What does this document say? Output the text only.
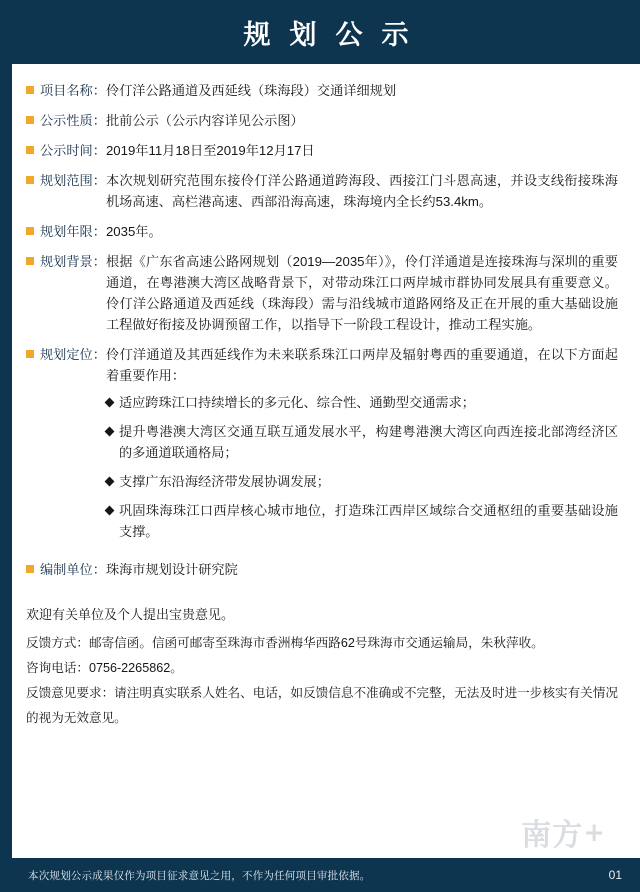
规划公示
项目名称： 伶仃洋公路通道及西延线（珠海段）交通详细规划
公示性质： 批前公示（公示内容详见公示图）
公示时间： 2019年11月18日至2019年12月17日
规划范围： 本次规划研究范围东接伶仃洋公路通道跨海段、西接江门斗恩高速，并设支线衔接珠海机场高速、高栏港高速、西部沿海高速，珠海境内全长约53.4km。
规划年限： 2035年。
规划背景： 根据《广东省高速公路网规划（2019—2035年）》，伶仃洋通道是连接珠海与深圳的重要通道，在粤港澳大湾区战略背景下，对带动珠江口两岸城市群协同发展具有重要意义。伶仃洋公路通道及西延线（珠海段）需与沿线城市道路网络及正在开展的重大基础设施工程做好衔接及协调预留工作，以指导下一阶段工程设计，推动工程实施。
规划定位： 伶仃洋通道及其西延线作为未来联系珠江口两岸及辐射粤西的重要通道，在以下方面起着重要作用：
适应跨珠江口持续增长的多元化、综合性、通勤型交通需求；
提升粤港澳大湾区交通互联互通发展水平，构建粤港澳大湾区向西连接北部湾经济区的多通道联通格局；
支撑广东沿海经济带发展协调发展；
巩固珠海珠江口西岸核心城市地位，打造珠江西岸区域综合交通枢纽的重要基础设施支撑。
编制单位： 珠海市规划设计研究院

欢迎有关单位及个人提出宝贵意见。

反馈方式：邮寄信函。信函可邮寄至珠海市香洲梅华西路62号珠海市交通运输局，朱秋萍收。

咨询电话：0756-2265862。

反馈意见要求：请注明真实联系人姓名、电话，如反馈信息不准确或不完整，无法及时进一步核实有关情况的视为无效意见。

南方+
本次规划公示成果仅作为项目征求意见之用，不作为任何项目审批依据。	01
